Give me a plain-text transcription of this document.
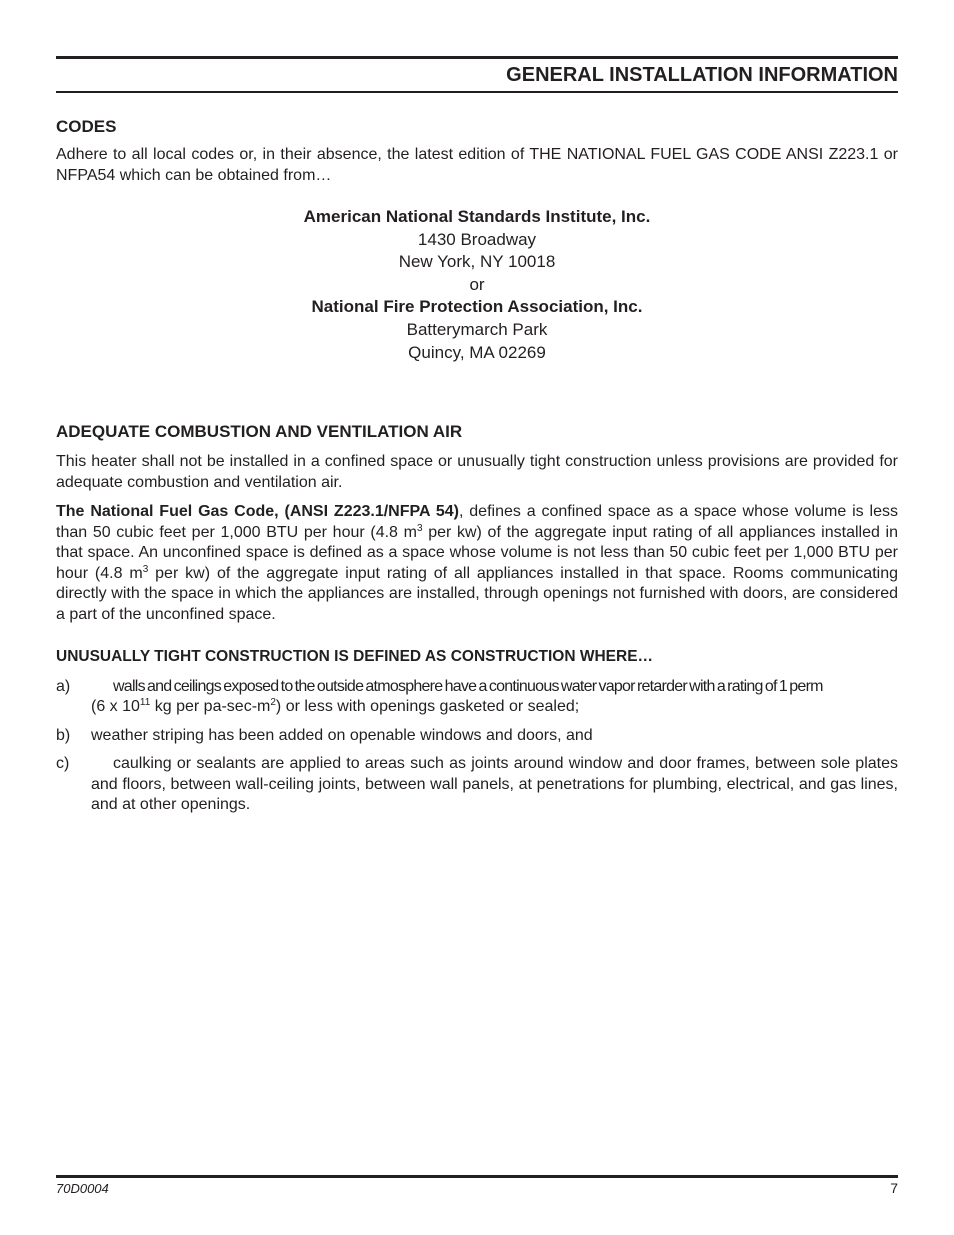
GENERAL INSTALLATION INFORMATION
CODES

Adhere to all local codes or, in their absence, the latest edition of THE NATIONAL FUEL GAS CODE ANSI Z223.1 or NFPA54 which can be obtained from…

American National Standards Institute, Inc.
1430 Broadway
New York, NY 10018
or
National Fire Protection Association, Inc.
Batterymarch Park
Quincy, MA 02269
ADEQUATE COMBUSTION AND VENTILATION AIR

This heater shall not be installed in a confined space or unusually tight construction unless provisions are provided for adequate combustion and ventilation air.

The National Fuel Gas Code, (ANSI Z223.1/NFPA 54), defines a confined space as a space whose volume is less than 50 cubic feet per 1,000 BTU per hour (4.8 $m^3$ per kw) of the aggregate input rating of all appliances installed in that space. An unconfined space is defined as a space whose volume is not less than 50 cubic feet per 1,000 BTU per hour (4.8 $m^3$ per kw) of the aggregate input rating of all appliances installed in that space. Rooms communicating directly with the space in which the appliances are installed, through openings not furnished with doors, are considered a part of the unconfined space.

UNUSUALLY TIGHT CONSTRUCTION IS DEFINED AS CONSTRUCTION WHERE…
a)	walls and ceilings exposed to the outside atmosphere have a continuous water vapor retarder with a rating of 1 perm
(6 x $10^{11}$ kg per $pa-\sec-m^2$) or less with openings gasketed or sealed;
b) weather striping has been added on openable windows and doors, and
c)	caulking or sealants are applied to areas such as joints around window and door frames, between sole plates and floors, between wall-ceiling joints, between wall panels, at penetrations for plumbing, electrical, and gas lines, and at other openings.
70D0004	7
